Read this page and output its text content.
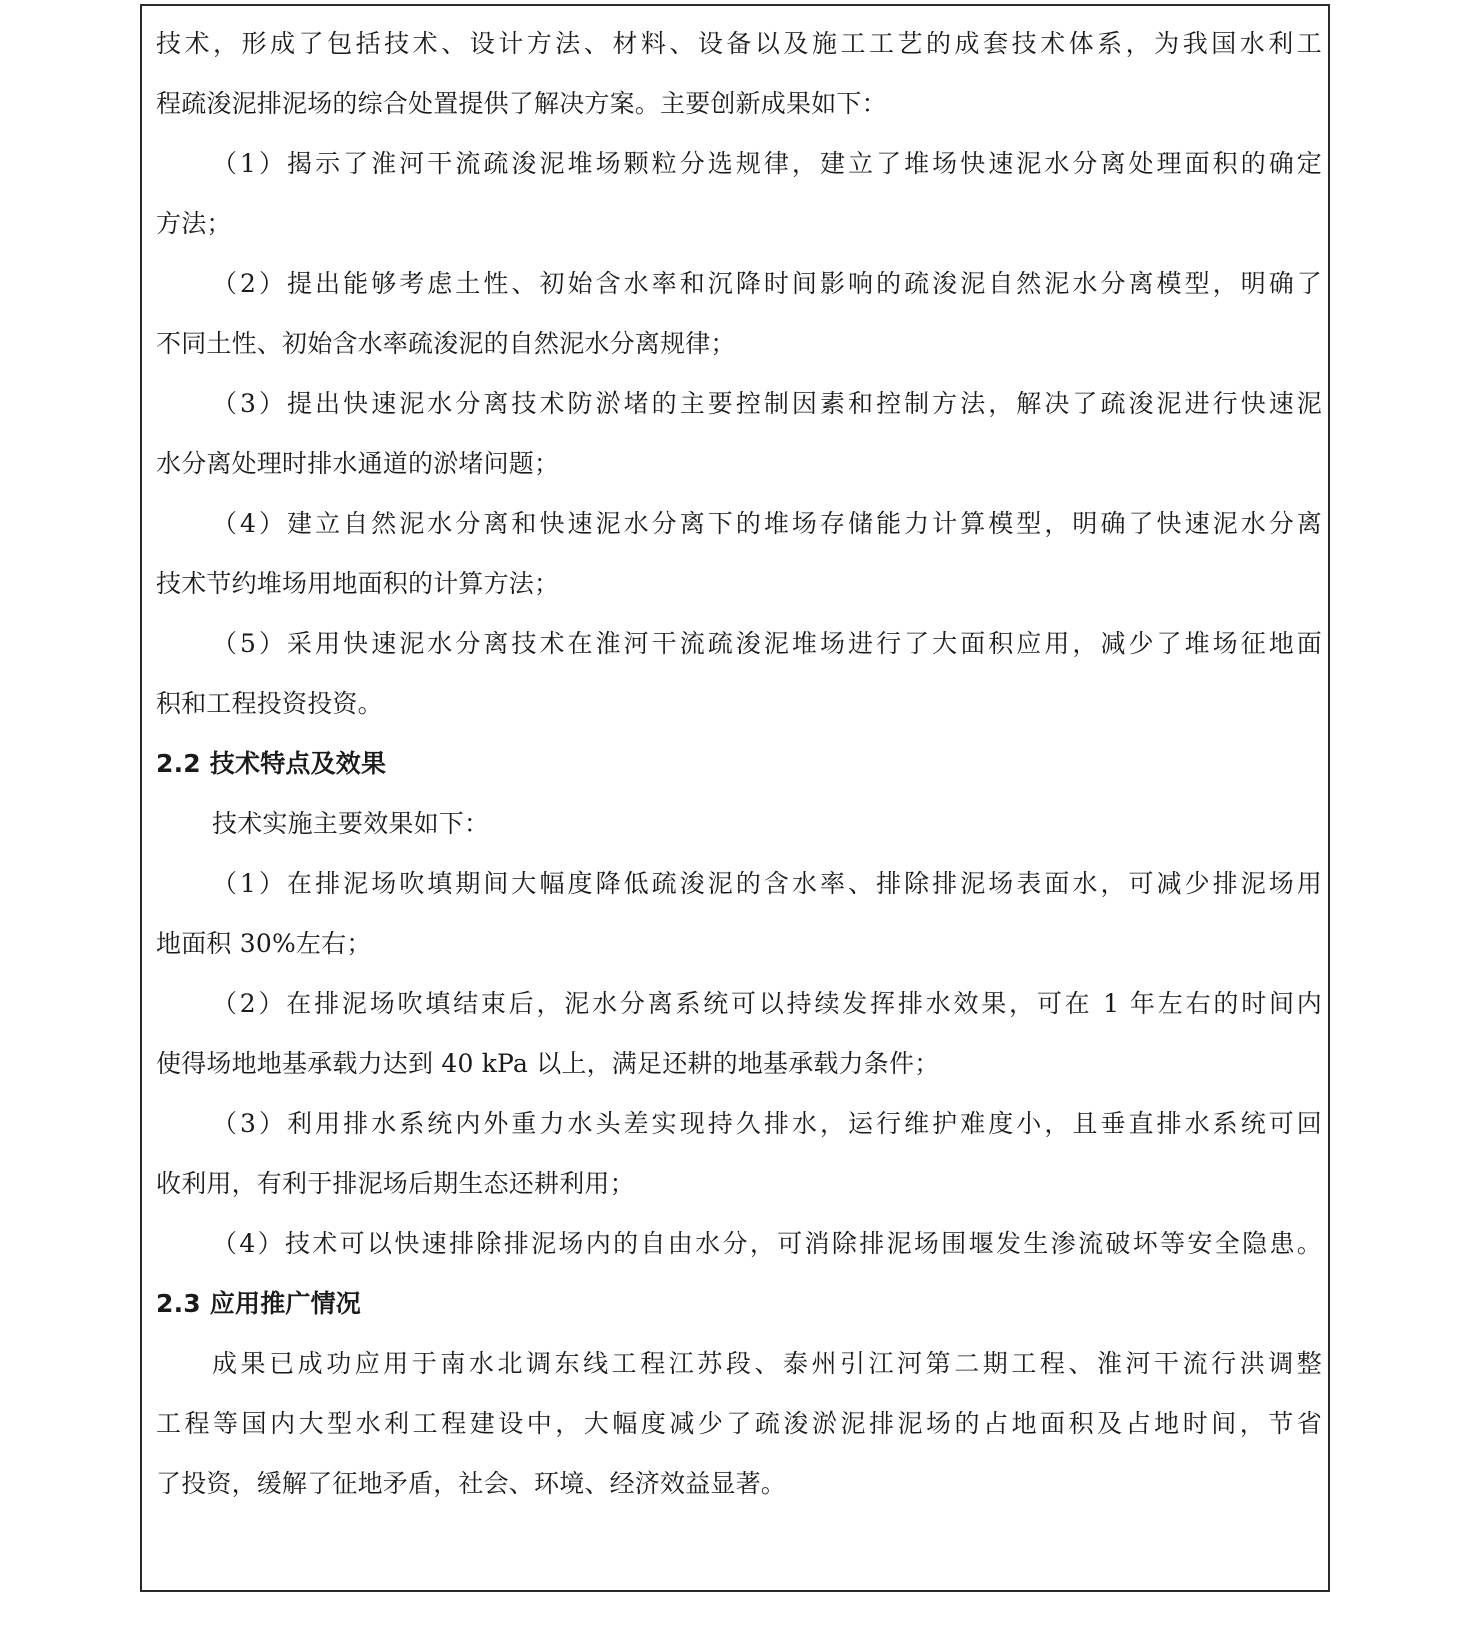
技术，形成了包括技术、设计方法、材料、设备以及施工工艺的成套技术体系，为我国水利工
程疏浚泥排泥场的综合处置提供了解决方案。主要创新成果如下：
（1）揭示了淮河干流疏浚泥堆场颗粒分选规律，建立了堆场快速泥水分离处理面积的确定
方法；
（2）提出能够考虑土性、初始含水率和沉降时间影响的疏浚泥自然泥水分离模型，明确了
不同土性、初始含水率疏浚泥的自然泥水分离规律；
（3）提出快速泥水分离技术防淤堵的主要控制因素和控制方法，解决了疏浚泥进行快速泥
水分离处理时排水通道的淤堵问题；
（4）建立自然泥水分离和快速泥水分离下的堆场存储能力计算模型，明确了快速泥水分离
技术节约堆场用地面积的计算方法；
（5）采用快速泥水分离技术在淮河干流疏浚泥堆场进行了大面积应用，减少了堆场征地面
积和工程投资投资。
2.2 技术特点及效果
技术实施主要效果如下：
（1）在排泥场吹填期间大幅度降低疏浚泥的含水率、排除排泥场表面水，可减少排泥场用
地面积 30%左右；
（2）在排泥场吹填结束后，泥水分离系统可以持续发挥排水效果，可在 1 年左右的时间内
使得场地地基承载力达到 40 kPa 以上，满足还耕的地基承载力条件；
（3）利用排水系统内外重力水头差实现持久排水，运行维护难度小，且垂直排水系统可回
收利用，有利于排泥场后期生态还耕利用；
（4）技术可以快速排除排泥场内的自由水分，可消除排泥场围堰发生渗流破坏等安全隐患。
2.3 应用推广情况
成果已成功应用于南水北调东线工程江苏段、泰州引江河第二期工程、淮河干流行洪调整
工程等国内大型水利工程建设中，大幅度减少了疏浚淤泥排泥场的占地面积及占地时间，节省
了投资，缓解了征地矛盾，社会、环境、经济效益显著。
